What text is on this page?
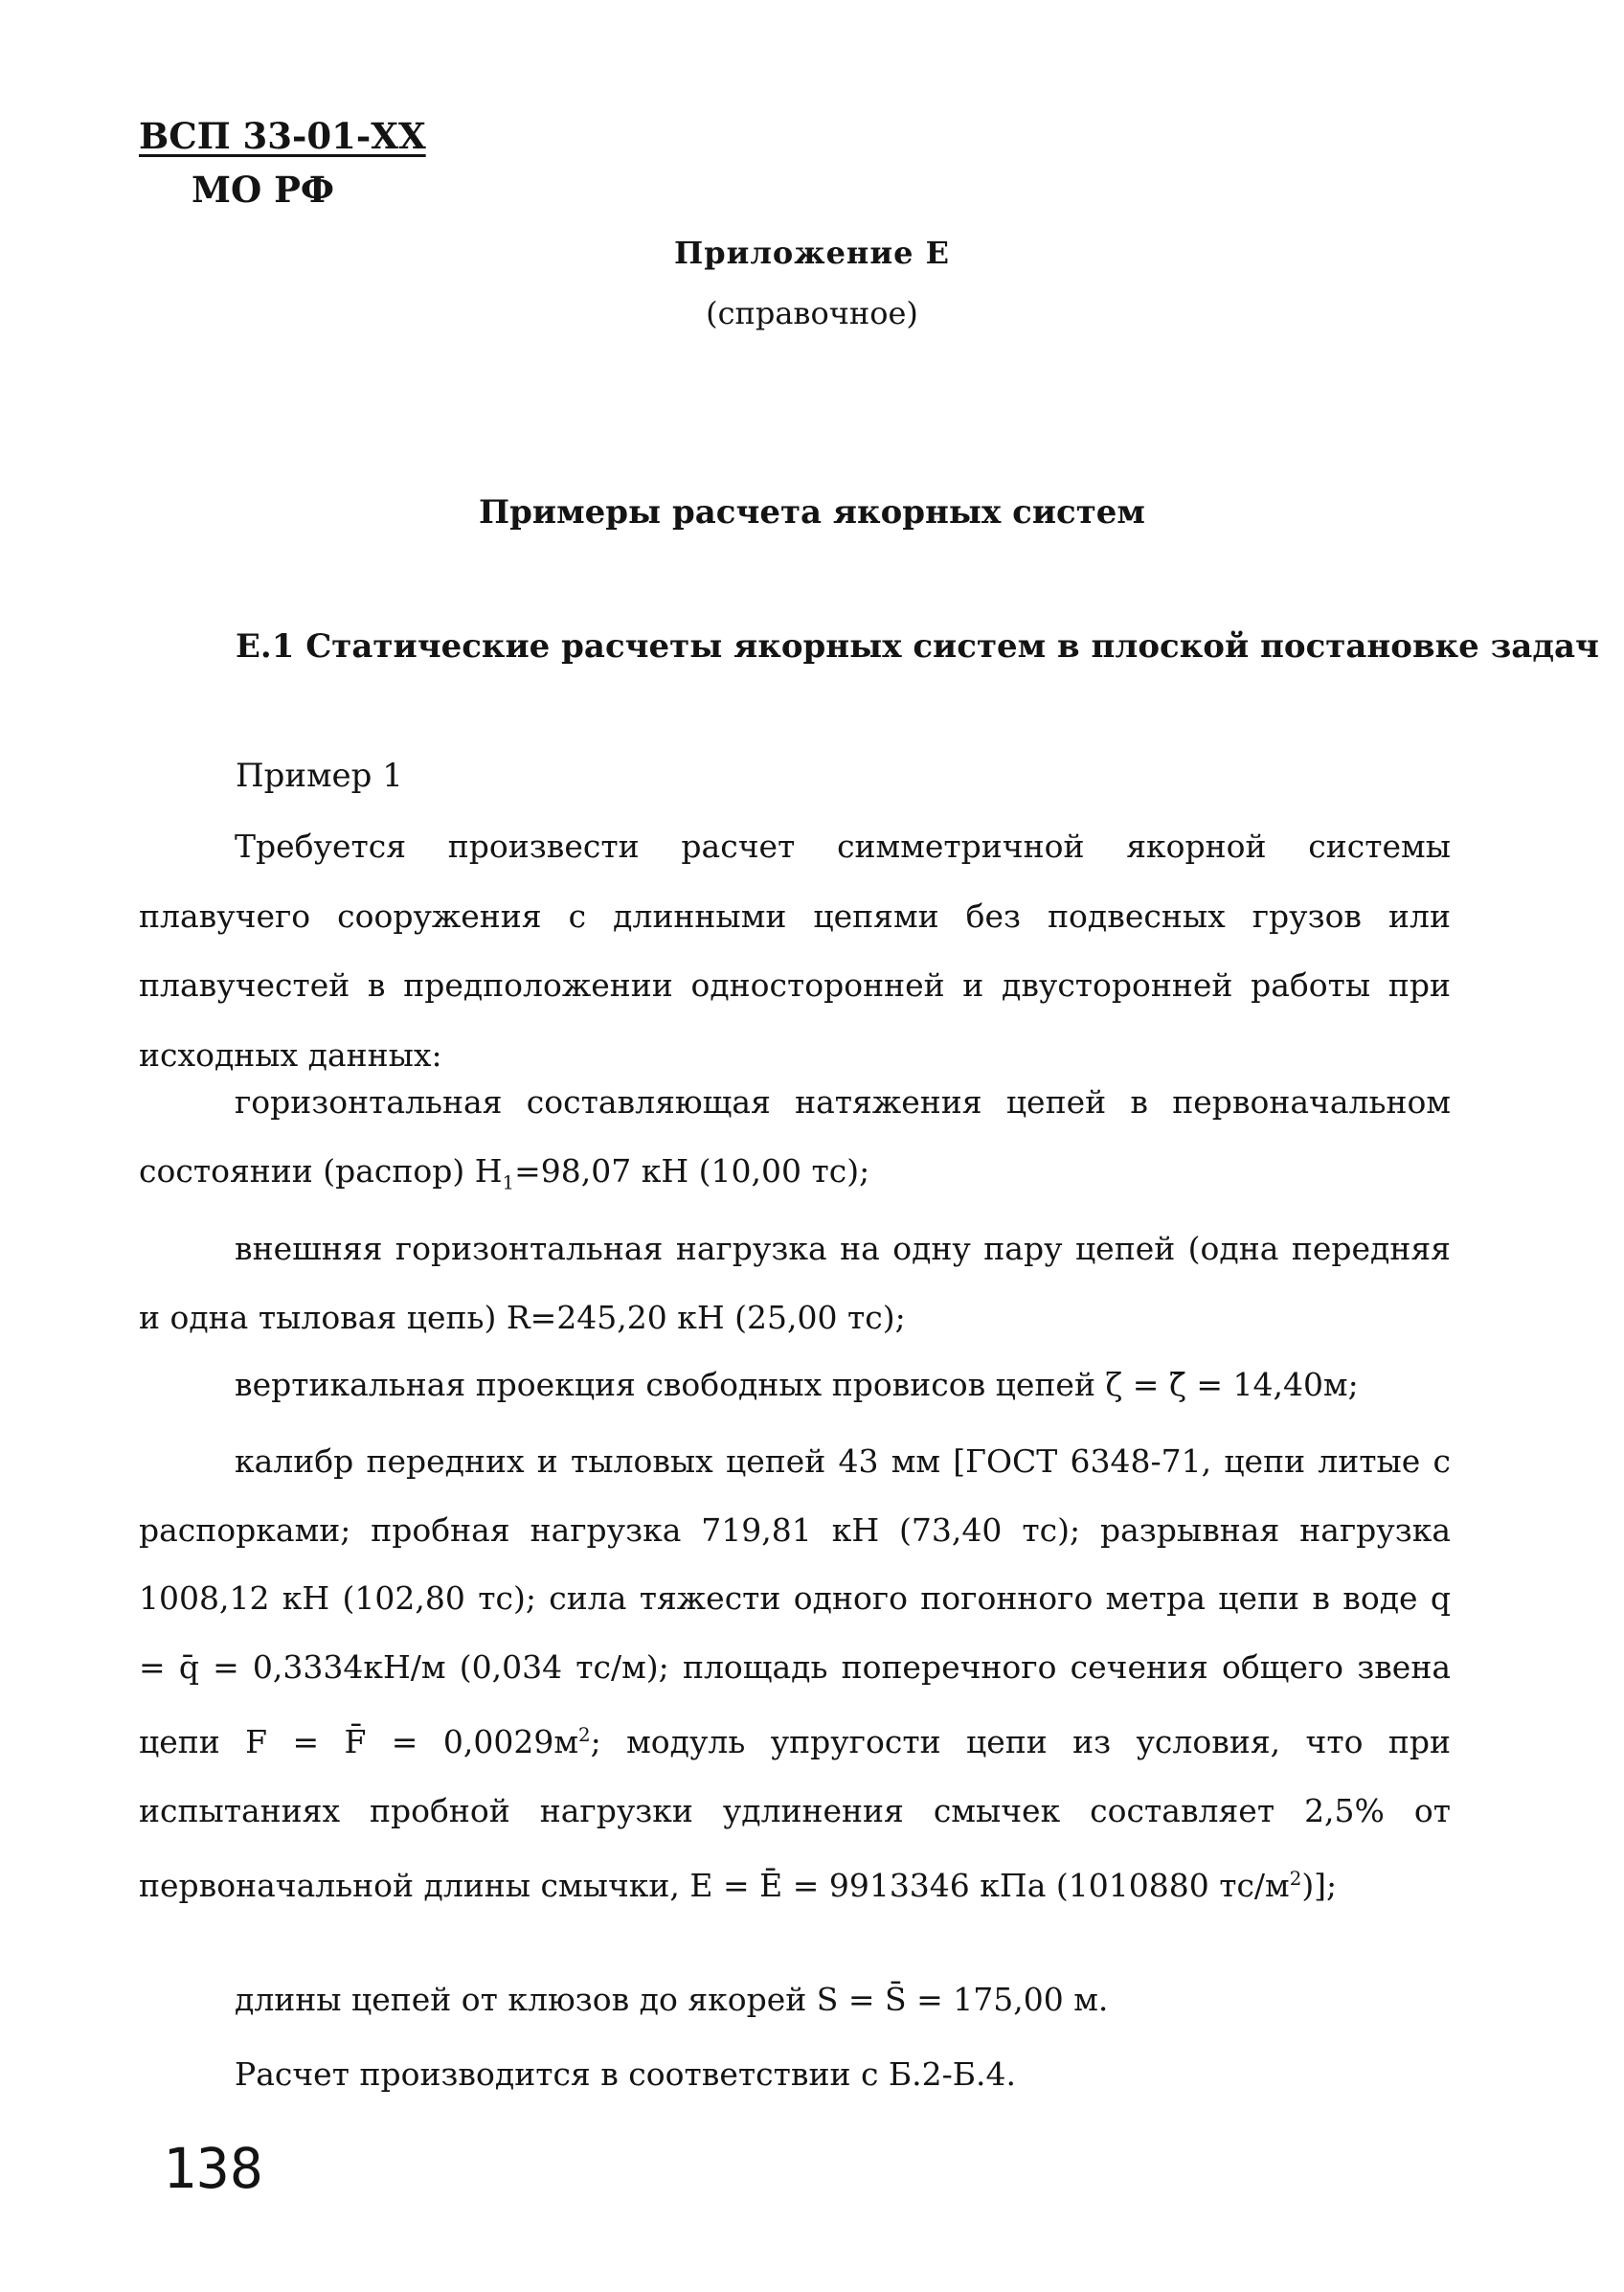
ВСП 33-01-ХХ
МО РФ
Приложение Е
(справочное)
Примеры расчета якорных систем
Е.1 Статические расчеты якорных систем в плоской постановке задач
Пример 1
Требуется произвести расчет симметричной якорной системы плавучего сооружения с длинными цепями без подвесных грузов или плавучестей в предположении односторонней и двусторонней работы при исходных данных:
горизонтальная составляющая натяжения цепей в первоначальном состоянии (распор) $H_1=98,07$ кН (10,00 тс);
внешняя горизонтальная нагрузка на одну пару цепей (одна передняя и одна тыловая цепь) R=245,20 кН (25,00 тс);
вертикальная проекция свободных провисов цепей ζ = ζ̄ = 14,40м;
калибр передних и тыловых цепей 43 мм [ГОСТ 6348-71, цепи литые с распорками; пробная нагрузка 719,81 кН (73,40 тс); разрывная нагрузка 1008,12 кН (102,80 тс); сила тяжести одного погонного метра цепи в воде q = q̄ = 0,3334кН/м (0,034 тс/м); площадь поперечного сечения общего звена цепи F = F̄ = $0,0029м^2$; модуль упругости цепи из условия, что при испытаниях пробной нагрузки удлинения смычек составляет 2,5% от первоначальной длины смычки, E = Ē = 9913346 кПа (1010880 $тс/м^2$)];
длины цепей от клюзов до якорей S = S̄ = 175,00 м.
Расчет производится в соответствии с Б.2-Б.4.
138
